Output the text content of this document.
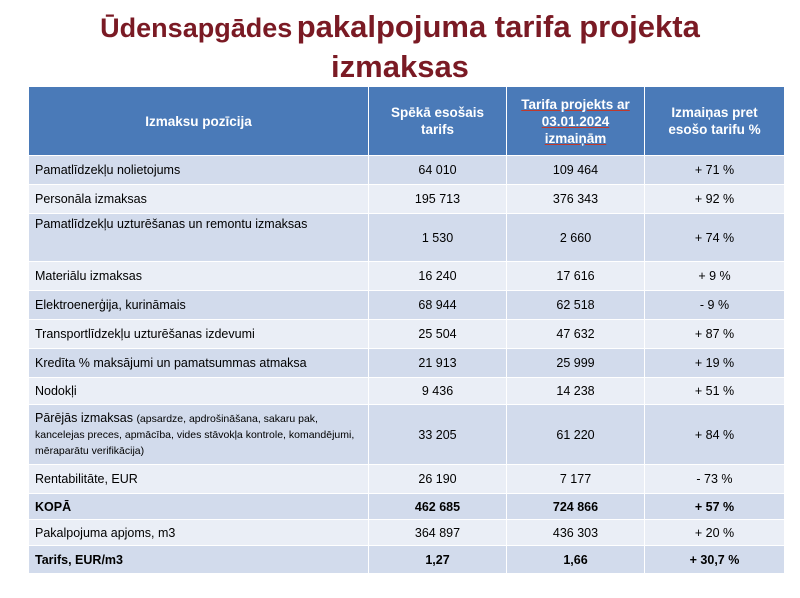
Ūdensapgādes pakalpojuma tarifa projekta
izmaksas
Izmaksu pozīcija	Spēkā esošais tarifs	Tarifa projekts ar 03.01.2024 izmaiņām	Izmaiņas pret esošo tarifu %
Pamatlīdzekļu nolietojums	64 010	109 464	+ 71 %
Personāla izmaksas	195 713	376 343	+ 92 %
Pamatlīdzekļu uzturēšanas un remontu izmaksas	1 530	2 660	+ 74 %
Materiālu izmaksas	16 240	17 616	+ 9 %
Elektroenerģija, kurināmais	68 944	62 518	- 9 %
Transportlīdzekļu uzturēšanas izdevumi	25 504	47 632	+ 87 %
Kredīta % maksājumi un pamatsummas atmaksa	21 913	25 999	+ 19 %
Nodokļi	9 436	14 238	+ 51 %
Pārējās izmaksas (apsardze, apdrošināšana, sakaru pak, kancelejas preces, apmācība, vides stāvokļa kontrole, komandējumi, mēraparātu verifikācija)	33 205	61 220	+ 84 %
Rentabilitāte, EUR	26 190	7 177	- 73 %
KOPĀ	462 685	724 866	+ 57 %
Pakalpojuma apjoms, m3	364 897	436 303	+ 20 %
Tarifs, EUR/m3	1,27	1,66	+ 30,7 %
